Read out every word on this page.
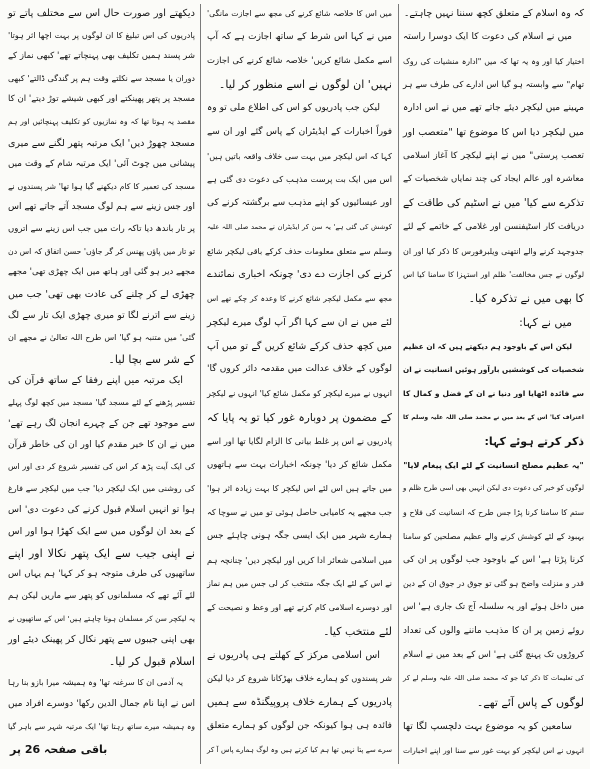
کہ وہ اسلام کے متعلق کچھ سننا نہیں چاہتے۔
میں نے اسلام کی دعوت کا ایک دوسرا راستہ
اختیار کیا اور وہ یہ تھا کہ میں "ادارہ منشیات کی روک
تھام" سے وابستہ ہو گیا اس ادارے کی طرف سے ہر
مہینے میں لیکچر دیئے جاتے تھے میں نے اس ادارہ
میں لیکچر دیا اس کا موضوع تھا "متعصب اور
تعصب پرستی" میں نے اپنے لیکچر کا آغاز اسلامی
معاشرہ اور عالم ایجاد کی چند نمایاں شخصیات کے
تذکرے سے کیا' میں نے اسٹیم کی طاقت کے
دریافت کار اسٹیفنسن اور غلامی کے خاتمے کے لئے
جدوجہد کرنے والے انتھنی ویلبرفورس کا ذکر کیا اور ان
لوگوں نے جس مخالفت' ظلم اور استہزا کا سامنا کیا اس
کا بھی میں نے تذکرہ کیا۔
میں نے کہا:
لیکن اس کے باوجود ہم دیکھتے ہیں کہ ان عظیم
شخصیات کی کوششیں بارآور ہوئیں انسانیت نے ان
سے فائدہ اٹھایا اور دنیا نے ان کے فضل و کمال کا
اعتراف کیا' اس کے بعد میں نے محمد صلی اللہ علیہ وسلم کا
ذکر کرتے ہوئے کہا:
"یہ عظیم مصلح انسانیت کے لئے ایک پیغام لایا"
لوگوں کو خیر کی دعوت دی لیکن انہیں بھی اسی طرح ظلم و
ستم کا سامنا کرنا پڑا جس طرح کہ انسانیت کی فلاح و
بہبود کے لئے کوشش کرنے والے عظیم مصلحین کو سامنا
کرنا پڑتا ہے' اس کے باوجود جب لوگوں پر ان کی
قدر و منزلت واضح ہو گئی تو جوق در جوق ان کے دین
میں داخل ہوئے اور یہ سلسلہ آج تک جاری ہے' اس
روئے زمین پر ان کا مذہب ماننے والوں کی تعداد
کروڑوں تک پہنچ گئی ہے' اس کے بعد میں نے اسلام
کی تعلیمات کا ذکر کیا جو کہ محمد صلی اللہ علیہ وسلم لے کر
لوگوں کے پاس آئے تھے۔
سامعین کو یہ موضوع بہت دلچسپ لگا تھا
انہوں نے اس لیکچر کو بہت غور سے سنا اور اپنے اخبارات
میں اس کا خلاصہ شائع کرنے کی مجھ سے اجازت مانگی'
میں نے کہا اس شرط کے ساتھ اجازت ہے کہ آپ
اسے مکمل شائع کریں' خلاصہ شائع کرنے کی اجازت
نہیں' ان لوگوں نے اسے منظور کر لیا۔
لیکن جب پادریوں کو اس کی اطلاع ملی تو وہ
فوراً اخبارات کے ایڈیٹران کے پاس گئے اور ان سے
کہا کہ اس لیکچر میں بہت سی خلاف واقعہ باتیں ہیں'
اس میں ایک بت پرست مذہب کی دعوت دی گئی ہے
اور عیسائیوں کو اپنے مذہب سے برگشتہ کرنے کی
کوشش کی گئی ہے' یہ سن کر ایڈیٹران نے محمد صلی اللہ علیہ
وسلم سے متعلق معلومات حذف کرکے باقی لیکچر شائع
کرنے کی اجازت دے دی' چونکہ اخباری نمائندے
مجھ سے مکمل لیکچر شائع کرنے کا وعدہ کر چکے تھے اس
لئے میں نے ان سے کہا اگر آپ لوگ میرے لیکچر
میں کچھ حذف کرکے شائع کریں گے تو میں آپ
لوگوں کے خلاف عدالت میں مقدمہ دائر کروں گا'
انہوں نے میرے لیکچر کو مکمل شائع کیا' انہوں نے لیکچر
کے مضمون پر دوبارہ غور کیا تو یہ پایا کہ
پادریوں نے اس پر غلط بیانی کا الزام لگایا تھا اور اسے
مکمل شائع کر دیا' چونکہ اخبارات بہت سے ہاتھوں
میں جاتے ہیں اس لئے اس لیکچر کا بہت زیادہ اثر ہوا'
جب مجھے یہ کامیابی حاصل ہوئی تو میں نے سوچا کہ
ہمارے شہر میں ایک ایسی جگہ ہونی چاہئے جس
میں اسلامی شعائر ادا کریں اور لیکچر دیں' چنانچہ ہم
نے اس کے لئے ایک جگہ منتخب کر لی جس میں ہم نماز
اور دوسرے اسلامی کام کرتے تھے اور وعظ و نصیحت کے
لئے منتخب کیا۔
اس اسلامی مرکز کے کھلتے ہی پادریوں نے
شر پسندوں کو ہمارے خلاف بھڑکانا شروع کر دیا لیکن
پادریوں کے ہمارے خلاف پروپیگنڈہ سے ہمیں
فائدہ ہی ہوا کیونکہ جن لوگوں کو ہمارے متعلق
سرے سے پتا نہیں تھا ہم کیا کرتے ہیں وہ لوگ ہمارے پاس آ کر
دیکھتے اور صورت حال اس سے مختلف پاتے تو
پادریوں کی اس تبلیغ کا ان لوگوں پر بہت اچھا اثر ہوتا'
شر پسند ہمیں تکلیف بھی پہنچاتے تھے' کبھی نماز کے
دوران یا مسجد سے نکلتے وقت ہم پر گندگی ڈالتے' کبھی
مسجد پر پتھر پھینکتے اور کبھی شیشے توڑ دیتے' ان کا
مقصد یہ ہوتا تھا کہ وہ نمازیوں کو تکلیف پہنچائیں اور ہم
مسجد چھوڑ دیں' ایک مرتبہ پتھر لگنے سے میری
پیشانی میں چوٹ آئی' ایک مرتبہ شام کے وقت میں
مسجد کی تعمیر کا کام دیکھنے گیا ہوا تھا' شر پسندوں نے
اور جس زینے سے ہم لوگ مسجد آتے جاتے تھے اس
پر تار باندھ دیا تاکہ رات میں جب اس زینے سے اتروں
تو تار میں پاؤں پھنس کر گر جاؤں' حسن اتفاق کہ اس دن
مجھے دیر ہو گئی اور ہاتھ میں ایک چھڑی تھی' مجھے
چھڑی لے کر چلنے کی عادت بھی تھی' جب میں
زینے سے اترنے لگا تو میری چھڑی ایک تار سے لگ
گئی' میں متنبہ ہو گیا' اس طرح اللہ تعالیٰ نے مجھے ان
کے شر سے بچا لیا۔
ایک مرتبہ میں اپنے رفقا کے ساتھ قرآن کی
تفسیر پڑھنے کے لئے مسجد گیا' مسجد میں کچھ لوگ پہلے
سے موجود تھے جن کے چہرے انجان لگ رہے تھے'
میں نے ان کا خیر مقدم کیا اور ان کی خاطر قرآن
کی ایک آیت پڑھ کر اس کی تفسیر شروع کر دی اور اس
کی روشنی میں ایک لیکچر دیا' جب میں لیکچر سے فارغ
ہوا تو انہیں اسلام قبول کرنے کی دعوت دی' اس
کے بعد ان لوگوں میں سے ایک کھڑا ہوا اور اس
نے اپنی جیب سے ایک پتھر نکالا اور اپنے
ساتھیوں کی طرف متوجہ ہو کر کہا' ہم یہاں اس
لئے آئے تھے کہ مسلمانوں کو پتھر سے ماریں لیکن ہم
یہ لیکچر سن کر مسلمان ہونا چاہتے ہیں' اس کے ساتھیوں نے
بھی اپنی جیبوں سے پتھر نکال کر پھینک دیئے اور
اسلام قبول کر لیا۔
یہ آدمی ان کا سرغنہ تھا' وہ ہمیشہ میرا بازو بنا رہا
اس نے اپنا نام جمال الدین رکھا' دوسرے افراد میں
وہ ہمیشہ میرے ساتھ رہتا تھا' ایک مرتبہ شہر سے باہر گیا
باقی صفحہ 26 پر
